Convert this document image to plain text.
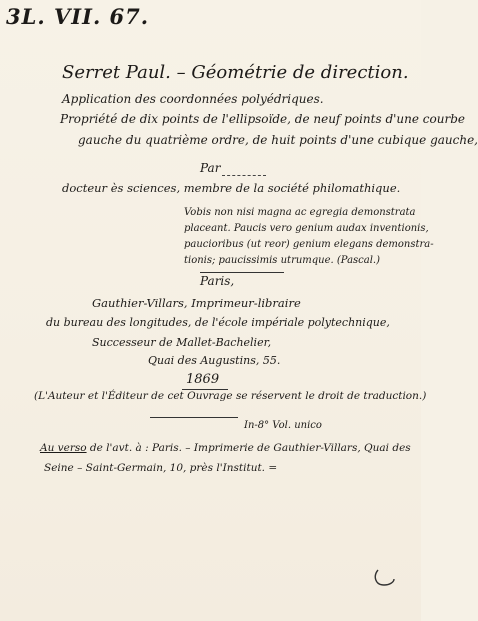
3L. VII. 67.
Serret Paul. – Géométrie de direction.
Application des coordonnées polyédriques.
Propriété de dix points de l'ellipsoïde, de neuf points d'une courbe
gauche du quatrième ordre, de huit points d'une cubique gauche,
Par
docteur ès sciences, membre de la société philomathique.
Vobis non nisi magna ac egregia demonstrata
placeant. Paucis vero genium audax inventionis,
paucioribus (ut reor) genium elegans demonstra-
tionis; paucissimis utrumque. (Pascal.)
Paris,
Gauthier-Villars, Imprimeur-libraire
du bureau des longitudes, de l'école impériale polytechnique,
Successeur de Mallet-Bachelier,
Quai des Augustins, 55.
1869
(L'Auteur et l'Éditeur de cet Ouvrage se réservent le droit de traduction.)
In-8° Vol. unico
Au verso de l'avt. à : Paris. – Imprimerie de Gauthier-Villars, Quai des
Seine – Saint-Germain, 10, près l'Institut. =
